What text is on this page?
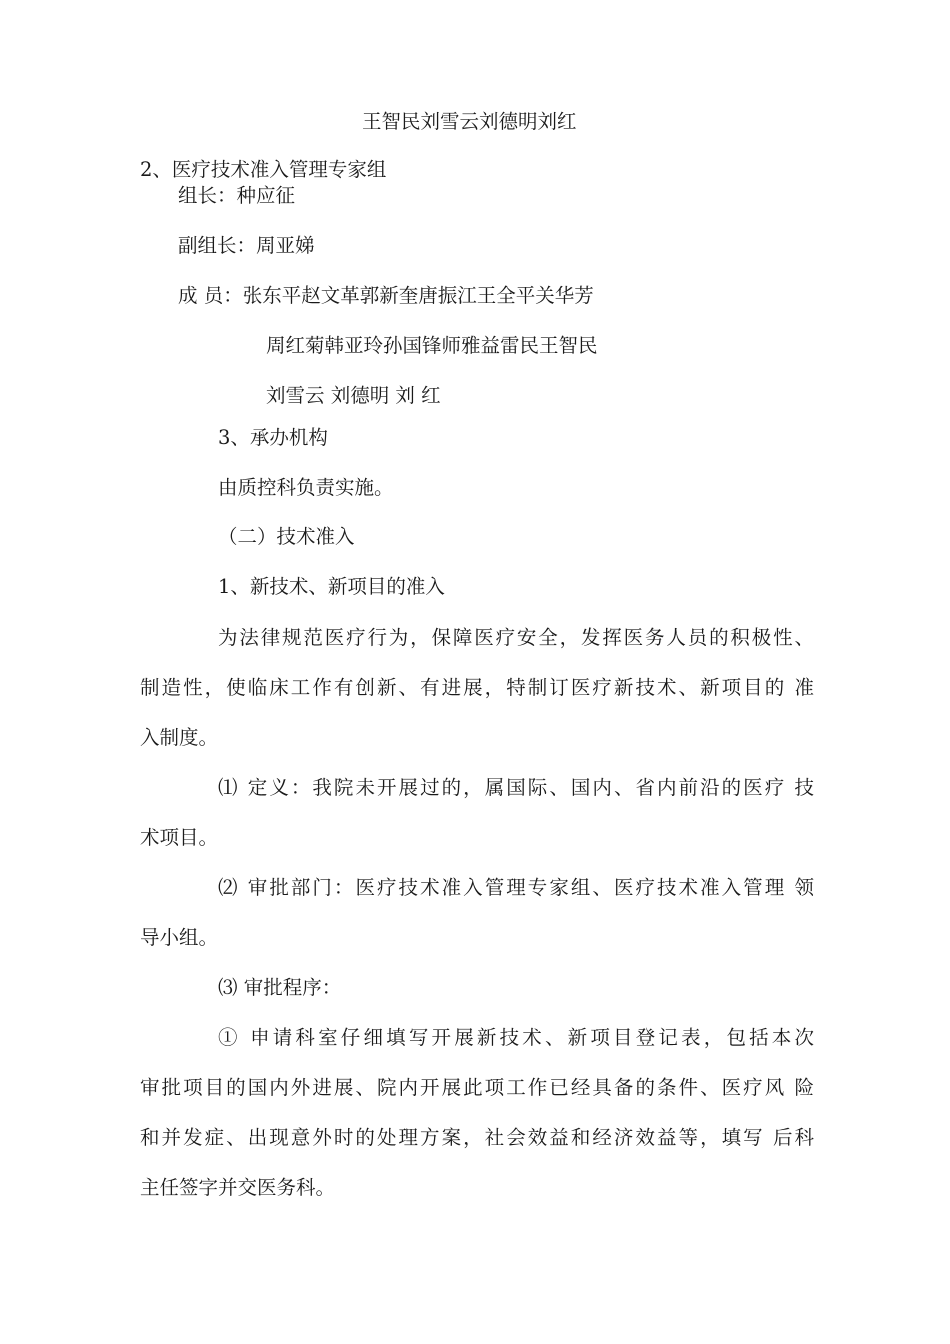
王智民刘雪云刘德明刘红
2、医疗技术准入管理专家组
组长：种应征
副组长：周亚娣
成 员：张东平赵文革郭新奎唐振江王全平关华芳
周红菊韩亚玲孙国锋师雅益雷民王智民
刘雪云 刘德明 刘 红
3、承办机构
由质控科负责实施。
（二）技术准入
1、新技术、新项目的准入
为法律规范医疗行为，保障医疗安全，发挥医务人员的积极性、
制造性，使临床工作有创新、有进展，特制订医疗新技术、新项目的 准
入制度。
⑴ 定义：我院未开展过的，属国际、国内、省内前沿的医疗 技
术项目。
⑵ 审批部门：医疗技术准入管理专家组、医疗技术准入管理 领
导小组。
⑶ 审批程序：
① 申请科室仔细填写开展新技术、新项目登记表，包括本次
审批项目的国内外进展、院内开展此项工作已经具备的条件、医疗风 险
和并发症、出现意外时的处理方案，社会效益和经济效益等，填写 后科
主任签字并交医务科。
